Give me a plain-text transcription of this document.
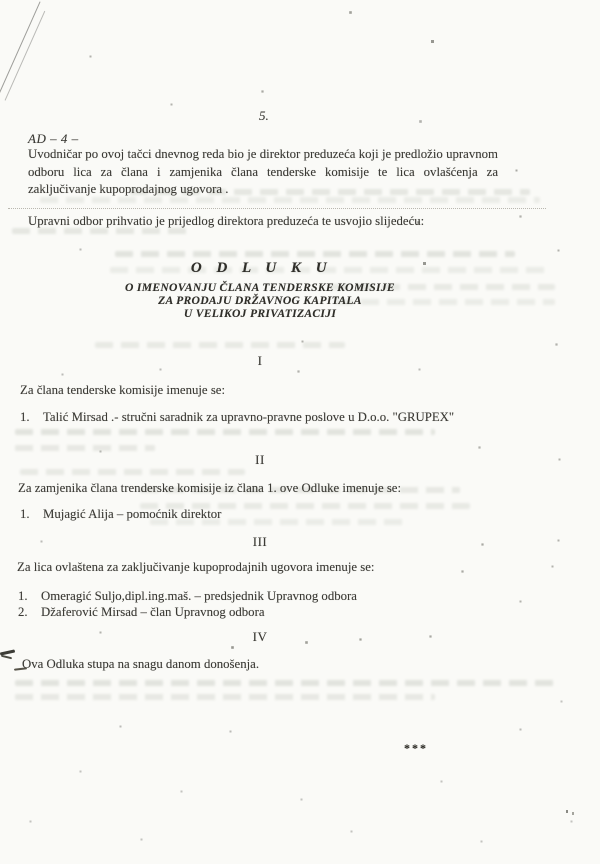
5.
AD – 4 –

Uvodničar po ovoj tačci dnevnog reda bio je direktor preduzeća koji je predložio upravnom odboru lica za člana i zamjenika člana tenderske komisije te lica ovlašćenja za zaključivanje kupoprodajnog ugovora .

Upravni odbor prihvatio je prijedlog direktora preduzeća te usvojio slijedeću:
O D L U K U
O IMENOVANJU ČLANA TENDERSKE KOMISIJE
ZA PRODAJU DRŽAVNOG KAPITALA
U VELIKOJ PRIVATIZACIJI
I
Za člana tenderske komisije imenuje se:
1.	Talić Mirsad .- stručni saradnik za upravno-pravne poslove u D.o.o. "GRUPEX"
II
Za zamjenika člana trenderske komisije iz člana 1. ove Odluke imenuje se:
1.	Mujagić Alija – pomoćnik direktor
III
Za lica ovlaštena za zaključivanje kupoprodajnih ugovora imenuje se:
1.	Omeragić Suljo,dipl.ing.maš. – predsjednik Upravnog odbora
2.	Džaferović Mirsad – član Upravnog odbora
IV
Ova Odluka stupa na snagu danom donošenja.
***
